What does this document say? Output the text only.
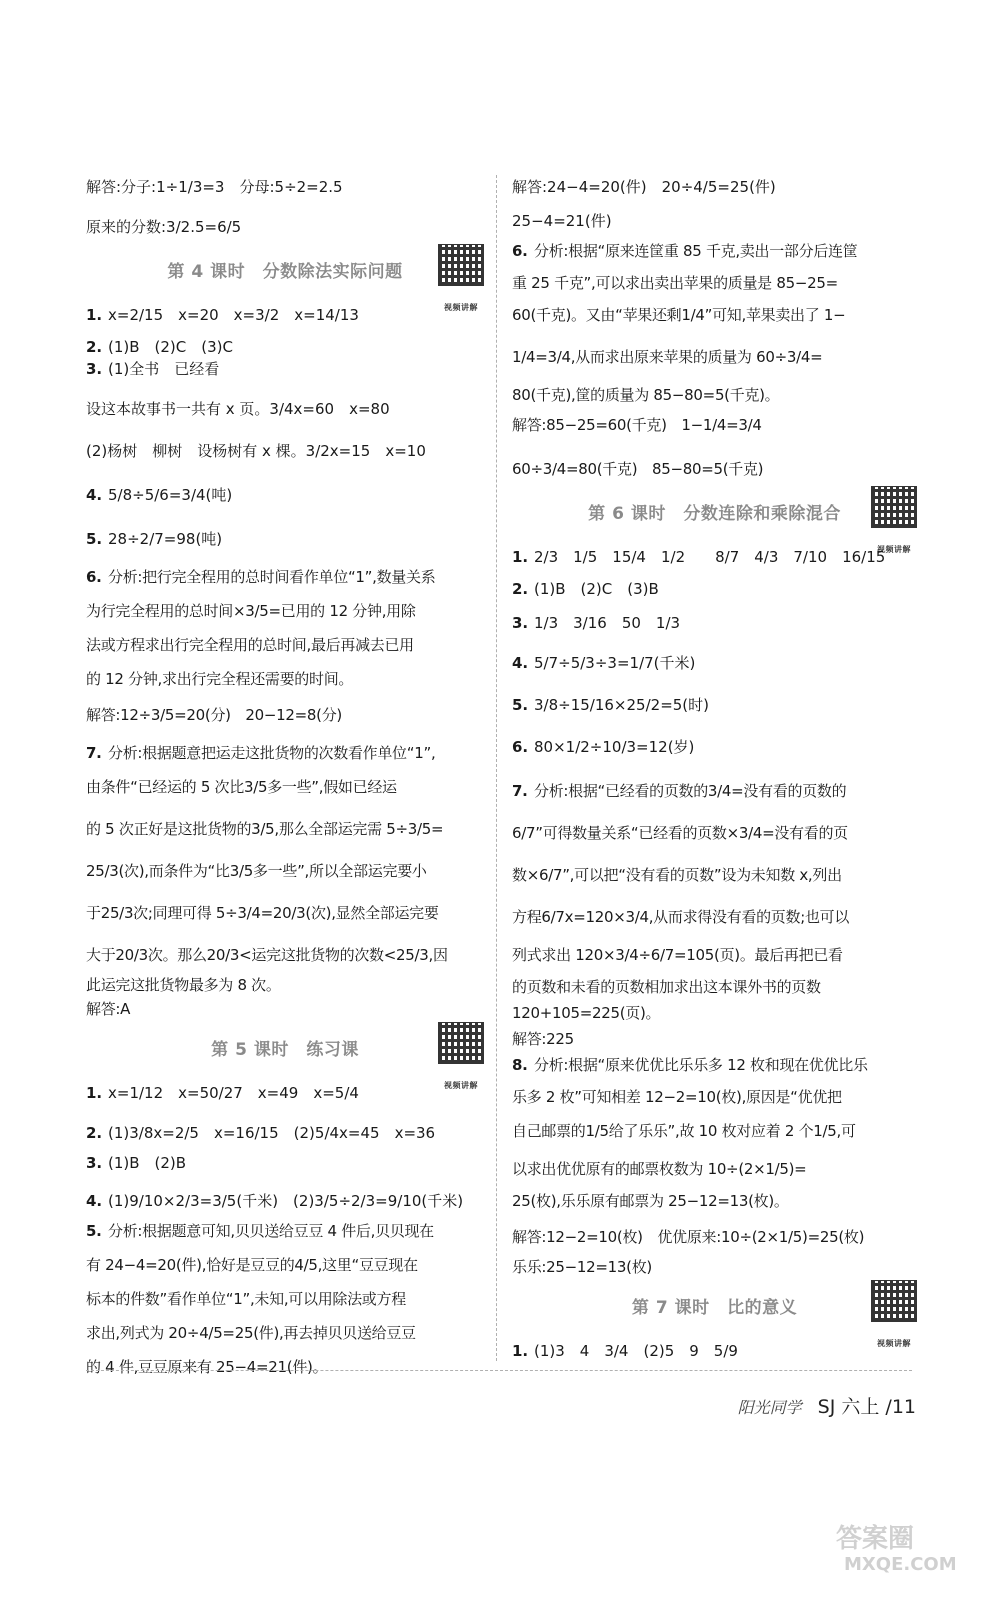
解答:分子:1÷1/3=3　分母:5÷2=2.5

原来的分数:3/2.5=6/5

第 4 课时　分数除法实际问题
视频讲解

1. x=2/15　x=20　x=3/2　x=14/13

2. (1)B　(2)C　(3)C

3. (1)全书　已经看

设这本故事书一共有 x 页。3/4x=60　x=80

(2)杨树　柳树　设杨树有 x 棵。3/2x=15　x=10

4. 5/8÷5/6=3/4(吨)

5. 28÷2/7=98(吨)

6. 分析:把行完全程用的总时间看作单位“1”,数量关系

为行完全程用的总时间×3/5=已用的 12 分钟,用除

法或方程求出行完全程用的总时间,最后再减去已用

的 12 分钟,求出行完全程还需要的时间。

解答:12÷3/5=20(分)　20−12=8(分)

7. 分析:根据题意把运走这批货物的次数看作单位“1”,

由条件“已经运的 5 次比3/5多一些”,假如已经运

的 5 次正好是这批货物的3/5,那么全部运完需 5÷3/5=

25/3(次),而条件为“比3/5多一些”,所以全部运完要小

于25/3次;同理可得 5÷3/4=20/3(次),显然全部运完要

大于20/3次。那么20/3<运完这批货物的次数<25/3,因

此运完这批货物最多为 8 次。

解答:A

第 5 课时　练习课
视频讲解

1. x=1/12　x=50/27　x=49　x=5/4

2. (1)3/8x=2/5　x=16/15　(2)5/4x=45　x=36

3. (1)B　(2)B

4. (1)9/10×2/3=3/5(千米)　(2)3/5÷2/3=9/10(千米)

5. 分析:根据题意可知,贝贝送给豆豆 4 件后,贝贝现在

有 24−4=20(件),恰好是豆豆的4/5,这里“豆豆现在

标本的件数”看作单位“1”,未知,可以用除法或方程

求出,列式为 20÷4/5=25(件),再去掉贝贝送给豆豆

的 4 件,豆豆原来有 25−4=21(件)。

解答:24−4=20(件)　20÷4/5=25(件)

25−4=21(件)

6. 分析:根据“原来连筐重 85 千克,卖出一部分后连筐

重 25 千克”,可以求出卖出苹果的质量是 85−25=

60(千克)。又由“苹果还剩1/4”可知,苹果卖出了 1−

1/4=3/4,从而求出原来苹果的质量为 60÷3/4=

80(千克),筐的质量为 85−80=5(千克)。

解答:85−25=60(千克)　1−1/4=3/4

60÷3/4=80(千克)　85−80=5(千克)

第 6 课时　分数连除和乘除混合
视频讲解

1. 2/3　1/5　15/4　1/2　　8/7　4/3　7/10　16/15

2. (1)B　(2)C　(3)B

3. 1/3　3/16　50　1/3

4. 5/7÷5/3÷3=1/7(千米)

5. 3/8÷15/16×25/2=5(时)

6. 80×1/2÷10/3=12(岁)

7. 分析:根据“已经看的页数的3/4=没有看的页数的

6/7”可得数量关系“已经看的页数×3/4=没有看的页

数×6/7”,可以把“没有看的页数”设为未知数 x,列出

方程6/7x=120×3/4,从而求得没有看的页数;也可以

列式求出 120×3/4÷6/7=105(页)。最后再把已看

的页数和未看的页数相加求出这本课外书的页数

120+105=225(页)。

解答:225

8. 分析:根据“原来优优比乐乐多 12 枚和现在优优比乐

乐多 2 枚”可知相差 12−2=10(枚),原因是“优优把

自己邮票的1/5给了乐乐”,故 10 枚对应着 2 个1/5,可

以求出优优原有的邮票枚数为 10÷(2×1/5)=

25(枚),乐乐原有邮票为 25−12=13(枚)。

解答:12−2=10(枚)　优优原来:10÷(2×1/5)=25(枚)

乐乐:25−12=13(枚)

第 7 课时　比的意义
视频讲解

1. (1)3　4　3/4　(2)5　9　5/9

阳光同学 SJ 六上 /11
答案圈
MXQE.COM
